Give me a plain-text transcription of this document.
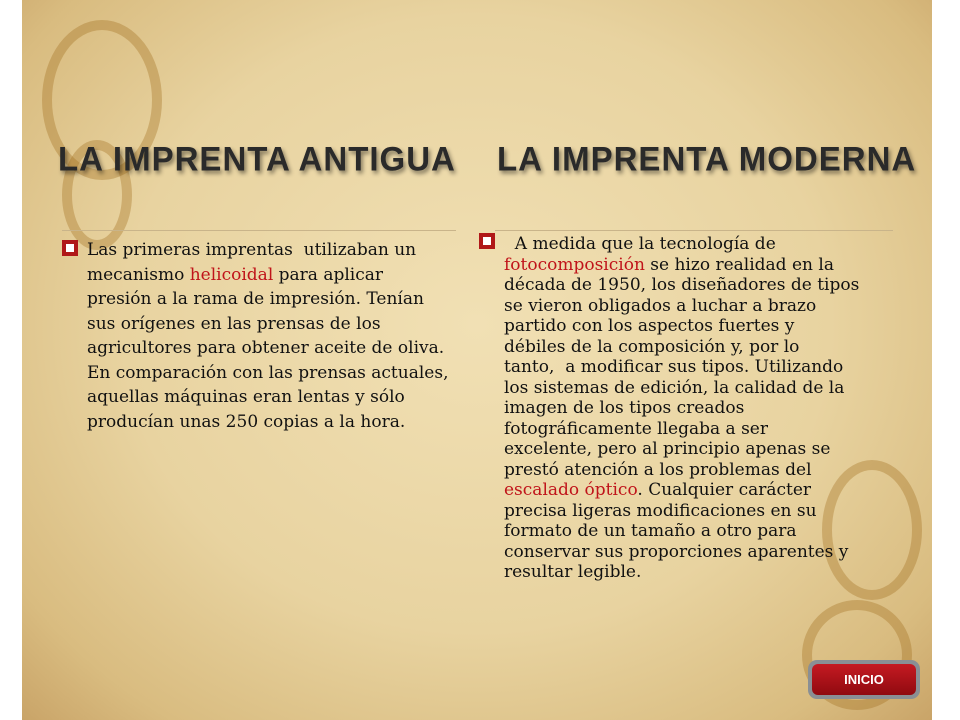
LA IMPRENTA ANTIGUA LA IMPRENTA MODERNA
Las primeras imprentas  utilizaban un
mecanismo helicoidal para aplicar
presión a la rama de impresión. Tenían
sus orígenes en las prensas de los
agricultores para obtener aceite de oliva.
En comparación con las prensas actuales,
aquellas máquinas eran lentas y sólo
producían unas 250 copias a la hora.
A medida que la tecnología de
fotocomposición se hizo realidad en la
década de 1950, los diseñadores de tipos
se vieron obligados a luchar a brazo
partido con los aspectos fuertes y
débiles de la composición y, por lo
tanto,  a modificar sus tipos. Utilizando
los sistemas de edición, la calidad de la
imagen de los tipos creados
fotográficamente llegaba a ser
excelente, pero al principio apenas se
prestó atención a los problemas del
escalado óptico. Cualquier carácter
precisa ligeras modificaciones en su
formato de un tamaño a otro para
conservar sus proporciones aparentes y
resultar legible.
INICIO
